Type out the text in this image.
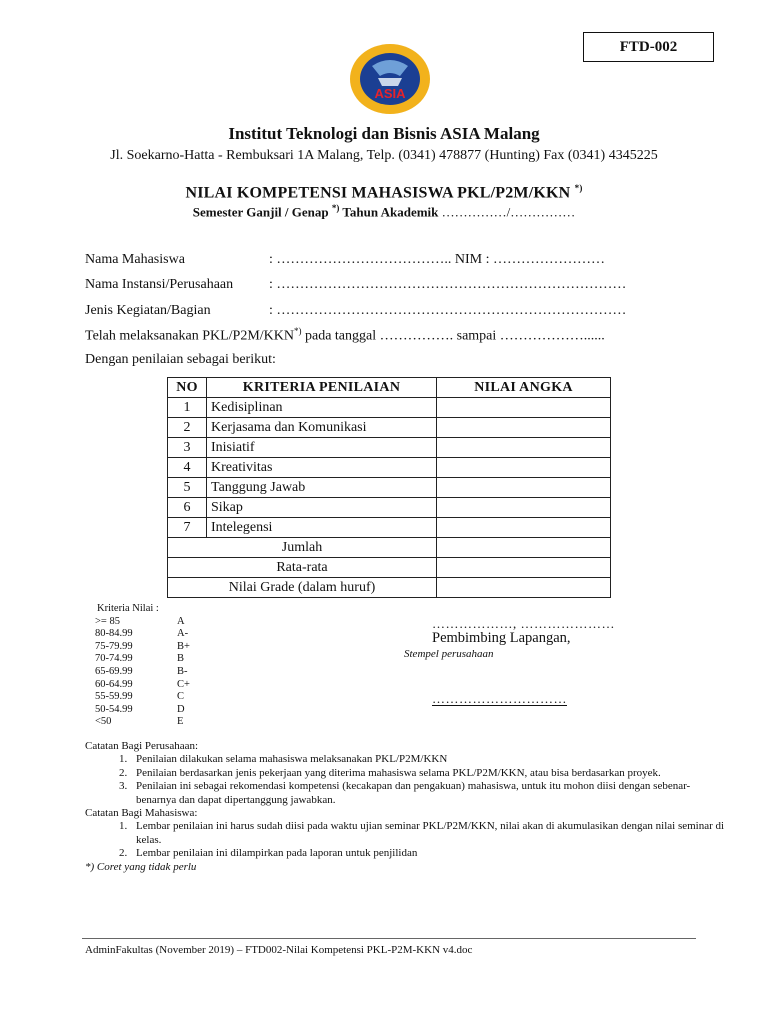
FTD-002
ASIA
Institut Teknologi dan Bisnis ASIA Malang
Jl. Soekarno-Hatta - Rembuksari 1A Malang, Telp. (0341) 478877 (Hunting) Fax (0341) 4345225
NILAI KOMPETENSI MAHASISWA PKL/P2M/KKN *)
Semester Ganjil / Genap *) Tahun Akademik ……………/……………
Nama Mahasiswa	: ……………………………….. NIM : ……………………
Nama Instansi/Perusahaan	: …………………………………………………………………
Jenis Kegiatan/Bagian	: …………………………………………………………………
Telah melaksanakan PKL/P2M/KKN*) pada tanggal ……………. sampai ………………......
Dengan penilaian sebagai berikut:
NO	KRITERIA PENILAIAN	NILAI ANGKA
1	Kedisiplinan	
2	Kerjasama dan Komunikasi	
3	Inisiatif	
4	Kreativitas	
5	Tanggung Jawab	
6	Sikap	
7	Intelegensi	
Jumlah		
Rata-rata		
Nilai Grade (dalam huruf)		
Kriteria Nilai :
>= 85	A
80-84.99	A-
75-79.99	B+
70-74.99	B
65-69.99	B-
60-64.99	C+
55-59.99	C
50-54.99	D
<50	E
………………, …………………
Pembimbing Lapangan,
Stempel perusahaan
…………………………
Catatan Bagi Perusahaan:
1. Penilaian dilakukan selama mahasiswa melaksanakan PKL/P2M/KKN
2. Penilaian berdasarkan jenis pekerjaan yang diterima mahasiswa selama PKL/P2M/KKN, atau bisa berdasarkan proyek.
3. Penilaian ini sebagai rekomendasi kompetensi (kecakapan dan pengakuan) mahasiswa, untuk itu mohon diisi dengan sebenar-benarnya dan dapat dipertanggung jawabkan.
Catatan Bagi Mahasiswa:
1. Lembar penilaian ini harus sudah diisi pada waktu ujian seminar PKL/P2M/KKN, nilai akan di akumulasikan dengan nilai seminar di kelas.
2. Lembar penilaian ini dilampirkan pada laporan untuk penjilidan
*) Coret yang tidak perlu
AdminFakultas (November 2019) – FTD002-Nilai Kompetensi PKL-P2M-KKN v4.doc
